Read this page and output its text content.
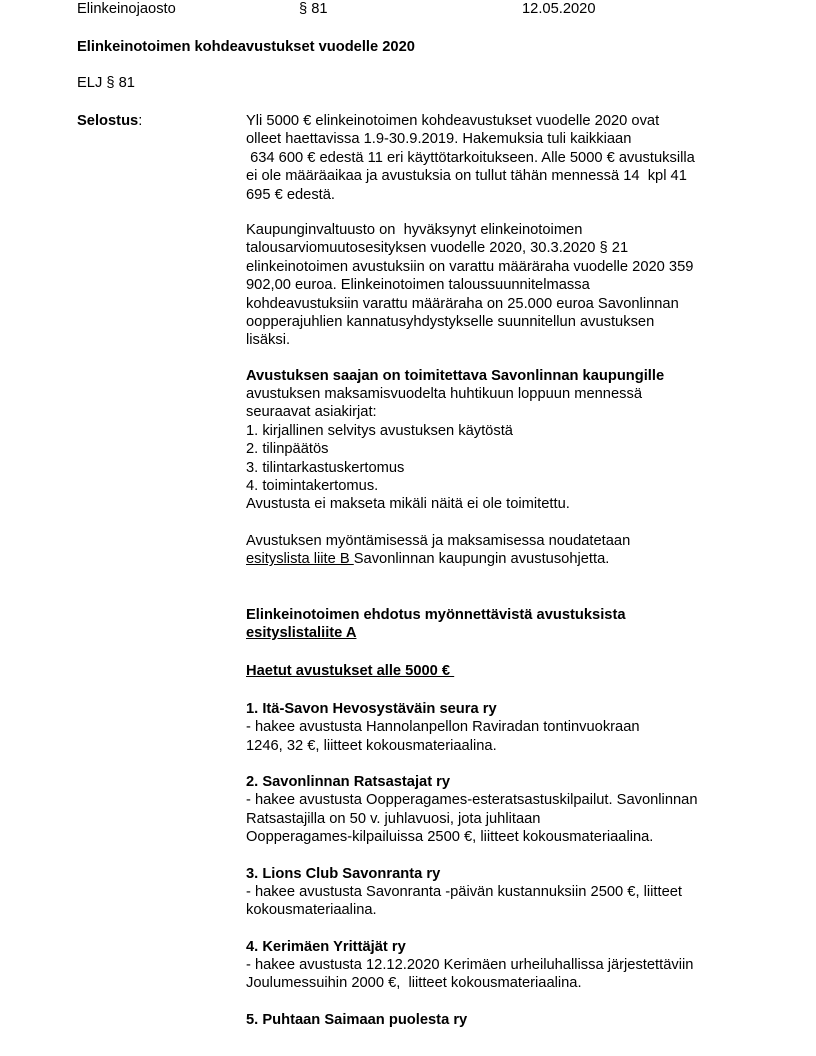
Elinkeinojaosto	§ 81	12.05.2020
Elinkeinotoimen kohdeavustukset vuodelle 2020
ELJ § 81
Selostus:	Yli 5000 € elinkeinotoimen kohdeavustukset vuodelle 2020 ovat
olleet haettavissa 1.9-30.9.2019. Hakemuksia tuli kaikkiaan
634 600 € edestä 11 eri käyttötarkoitukseen. Alle 5000 € avustuksilla
ei ole määräaikaa ja avustuksia on tullut tähän mennessä 14  kpl 41
695 € edestä.
Kaupunginvaltuusto on  hyväksynyt elinkeinotoimen
talousarviomuutosesityksen vuodelle 2020, 30.3.2020 § 21
elinkeinotoimen avustuksiin on varattu määräraha vuodelle 2020 359
902,00 euroa. Elinkeinotoimen taloussuunnitelmassa
kohdeavustuksiin varattu määräraha on 25.000 euroa Savonlinnan
oopperajuhlien kannatusyhdystykselle suunnitellun avustuksen
lisäksi.
Avustuksen saajan on toimitettava Savonlinnan kaupungille
avustuksen maksamisvuodelta huhtikuun loppuun mennessä
seuraavat asiakirjat:
1. kirjallinen selvitys avustuksen käytöstä
2. tilinpäätös
3. tilintarkastuskertomus
4. toimintakertomus.
Avustusta ei makseta mikäli näitä ei ole toimitettu.
Avustuksen myöntämisessä ja maksamisessa noudatetaan
esityslista liite B Savonlinnan kaupungin avustusohjetta.
Elinkeinotoimen ehdotus myönnettävistä avustuksista
esityslistaliite A
Haetut avustukset alle 5000 €
1. Itä-Savon Hevosystäväin seura ry
- hakee avustusta Hannolanpellon Raviradan tontinvuokraan
1246, 32 €, liitteet kokousmateriaalina.
2. Savonlinnan Ratsastajat ry
- hakee avustusta Oopperagames-esteratsastuskilpailut. Savonlinnan
Ratsastajilla on 50 v. juhlavuosi, jota juhlitaan
Oopperagames-kilpailuissa 2500 €, liitteet kokousmateriaalina.
3. Lions Club Savonranta ry
- hakee avustusta Savonranta -päivän kustannuksiin 2500 €, liitteet
kokousmateriaalina.
4. Kerimäen Yrittäjät ry
- hakee avustusta 12.12.2020 Kerimäen urheiluhallissa järjestettäviin
Joulumessuihin 2000 €,  liitteet kokousmateriaalina.
5. Puhtaan Saimaan puolesta ry
